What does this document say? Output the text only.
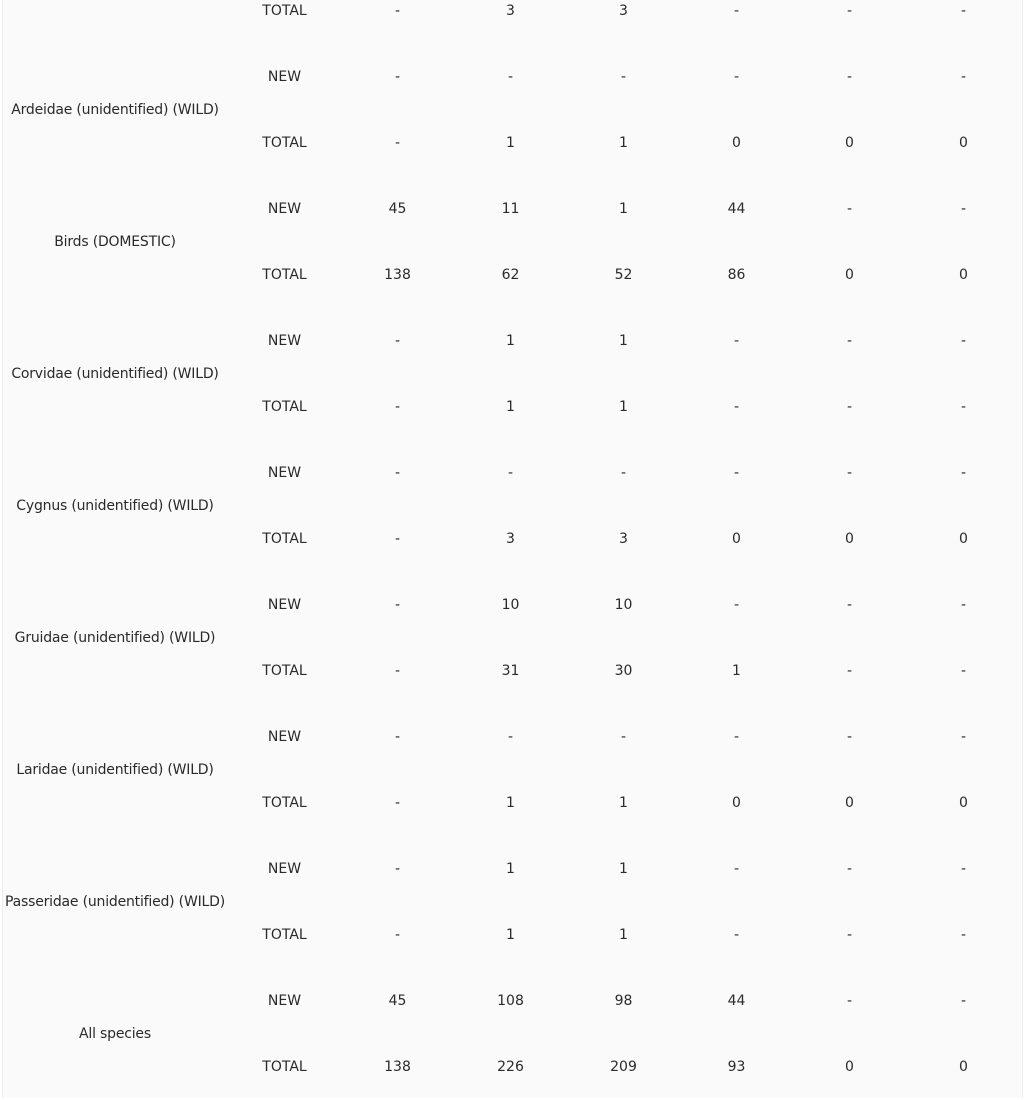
	TOTAL	-	3	3	-	-	-
Ardeidae (unidentified) (WILD)	NEW	-	-	-	-	-	-
	TOTAL	-	1	1	0	0	0
Birds (DOMESTIC)	NEW	45	11	1	44	-	-
	TOTAL	138	62	52	86	0	0
Corvidae (unidentified) (WILD)	NEW	-	1	1	-	-	-
	TOTAL	-	1	1	-	-	-
Cygnus (unidentified) (WILD)	NEW	-	-	-	-	-	-
	TOTAL	-	3	3	0	0	0
Gruidae (unidentified) (WILD)	NEW	-	10	10	-	-	-
	TOTAL	-	31	30	1	-	-
Laridae (unidentified) (WILD)	NEW	-	-	-	-	-	-
	TOTAL	-	1	1	0	0	0
Passeridae (unidentified) (WILD)	NEW	-	1	1	-	-	-
	TOTAL	-	1	1	-	-	-
All species	NEW	45	108	98	44	-	-
	TOTAL	138	226	209	93	0	0
